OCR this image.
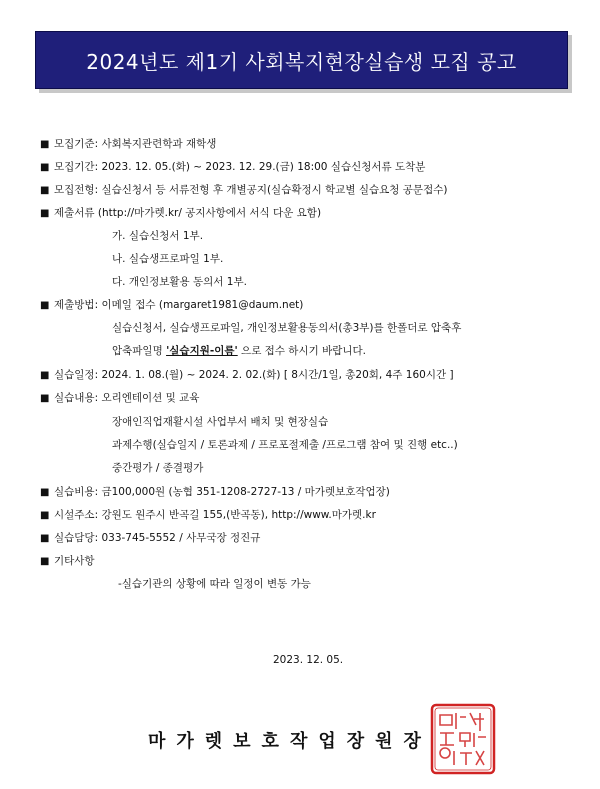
2024년도 제1기 사회복지현장실습생 모집 공고
■ 모집기준: 사회복지관련학과 재학생
■ 모집기간: 2023. 12. 05.(화) ~ 2023. 12. 29.(금) 18:00 실습신청서류 도착분
■ 모집전형: 실습신청서 등 서류전형 후 개별공지(실습확정시 학교별 실습요청 공문접수)
■ 제출서류 (http://마가렛.kr/ 공지사항에서 서식 다운 요함)
가. 실습신청서 1부.
나. 실습생프로파일 1부.
다. 개인정보활용 동의서 1부.
■ 제출방법: 이메일 접수 (margaret1981@daum.net)
실습신청서, 실습생프로파일, 개인정보활용동의서(총3부)를 한폴더로 압축후
압축파일명 '실습지원-이름' 으로 접수 하시기 바랍니다.
■ 실습일정: 2024. 1. 08.(월) ~ 2024. 2. 02.(화) [ 8시간/1일, 총20회, 4주 160시간 ]
■ 실습내용: 오리엔테이션 및 교육
장애인직업재활시설 사업부서 배치 및 현장실습
과제수행(실습일지 / 토론과제 / 프로포절제출 /프로그램 참여 및 진행 etc..)
중간평가 / 종결평가
■ 실습비용: 금100,000원 (농협 351-1208-2727-13 / 마가렛보호작업장)
■ 시설주소: 강원도 원주시 반곡길 155,(반곡동), http://www.마가렛.kr
■ 실습담당: 033-745-5552 / 사무국장 정진규
■ 기타사항
-실습기관의 상황에 따라 일정이 변동 가능
2023. 12. 05.
마가렛보호작업장원장
